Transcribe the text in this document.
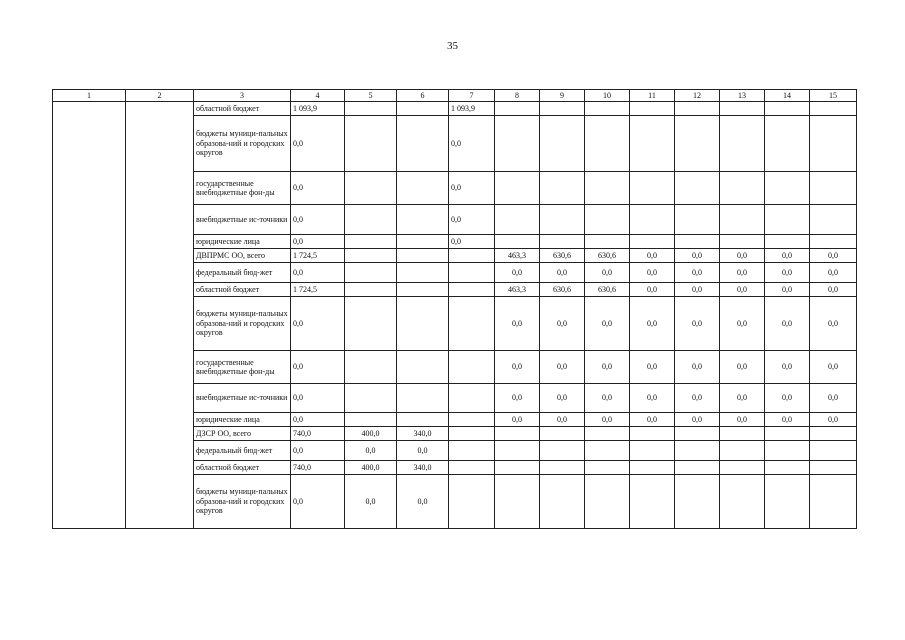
35
1	2	3	4	5	6	7	8	9	10	11	12	13	14	15
		областной бюджет	1 093,9			1 093,9								
		бюджеты муници-пальных образова-ний и городских округов	0,0			0,0								
		государственные внебюджетные фон-ды	0,0			0,0								
		внебюджетные ис-точники	0,0			0,0								
		юридические лица	0,0			0,0								
		ДВПРМС ОО, всего	1 724,5				463,3	630,6	630,6	0,0	0,0	0,0	0,0	0,0
		федеральный бюд-жет	0,0				0,0	0,0	0,0	0,0	0,0	0,0	0,0	0,0
		областной бюджет	1 724,5				463,3	630,6	630,6	0,0	0,0	0,0	0,0	0,0
		бюджеты муници-пальных образова-ний и городских округов	0,0				0,0	0,0	0,0	0,0	0,0	0,0	0,0	0,0
		государственные внебюджетные фон-ды	0,0				0,0	0,0	0,0	0,0	0,0	0,0	0,0	0,0
		внебюджетные ис-точники	0,0				0,0	0,0	0,0	0,0	0,0	0,0	0,0	0,0
		юридические лица	0,0				0,0	0,0	0,0	0,0	0,0	0,0	0,0	0,0
		ДЗСР ОО, всего	740,0	400,0	340,0									
		федеральный бюд-жет	0,0	0,0	0,0									
		областной бюджет	740,0	400,0	340,0									
		бюджеты муници-пальных образова-ний и городских округов	0,0	0,0	0,0									
